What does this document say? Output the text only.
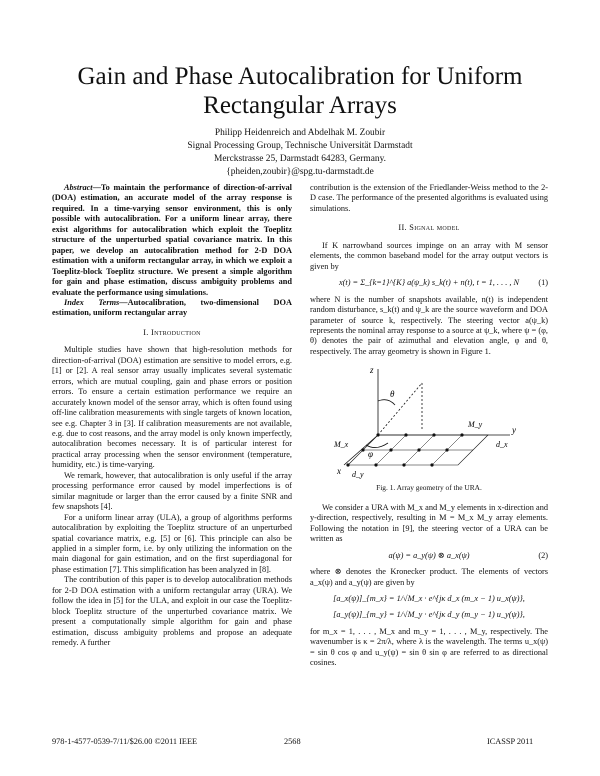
Gain and Phase Autocalibration for Uniform Rectangular Arrays
Philipp Heidenreich and Abdelhak M. Zoubir
Signal Processing Group, Technische Universität Darmstadt
Merckstrasse 25, Darmstadt 64283, Germany.
{pheiden,zoubir}@spg.tu-darmstadt.de

Abstract—To maintain the performance of direction-of-arrival (DOA) estimation, an accurate model of the array response is required. In a time-varying sensor environment, this is only possible with autocalibration. For a uniform linear array, there exist algorithms for autocalibration which exploit the Toeplitz structure of the unperturbed spatial covariance matrix. In this paper, we develop an autocalibration method for 2-D DOA estimation with a uniform rectangular array, in which we exploit a Toeplitz-block Toeplitz structure. We present a simple algorithm for gain and phase estimation, discuss ambiguity problems and evaluate the performance using simulations.

Index Terms—Autocalibration, two-dimensional DOA estimation, uniform rectangular array

I. Introduction

Multiple studies have shown that high-resolution methods for direction-of-arrival (DOA) estimation are sensitive to model errors, e.g. [1] or [2]. A real sensor array usually implicates several systematic errors, which are mutual coupling, gain and phase errors or position errors. To ensure a certain estimation performance we require an accurately known model of the sensor array, which is often found using off-line calibration measurements with single targets of known location, see e.g. Chapter 3 in [3]. If calibration measurements are not available, e.g. due to cost reasons, and the array model is only known imperfectly, autocalibration becomes necessary. It is of particular interest for practical array processing when the sensor environment (temperature, humidity, etc.) is time-varying.

We remark, however, that autocalibration is only useful if the array processing performance error caused by model imperfections is of similar magnitude or larger than the error caused by a finite SNR and few snapshots [4].

For a uniform linear array (ULA), a group of algorithms performs autocalibration by exploiting the Toeplitz structure of an unperturbed spatial covariance matrix, e.g. [5] or [6]. This principle can also be applied in a simpler form, i.e. by only utilizing the information on the main diagonal for gain estimation, and on the first superdiagonal for phase estimation [7]. This simplification has been analyzed in [8].

The contribution of this paper is to develop autocalibration methods for 2-D DOA estimation with a uniform rectangular array (URA). We follow the idea in [5] for the ULA, and exploit in our case the Toeplitz-block Toeplitz structure of the unperturbed covariance matrix. We present a computationally simple algorithm for gain and phase estimation, discuss ambiguity problems and propose an adequate remedy. A further

contribution is the extension of the Friedlander-Weiss method to the 2-D case. The performance of the presented algorithms is evaluated using simulations.

II. Signal model

If K narrowband sources impinge on an array with M sensor elements, the common baseband model for the array output vectors is given by

x(t) = Σ_{k=1}^{K} a(ψ_k) s_k(t) + n(t), t = 1, . . . , N (1)

where N is the number of snapshots available, n(t) is independent random disturbance, s_k(t) and ψ_k are the source waveform and DOA parameter of source k, respectively. The steering vector a(ψ_k) represents the nominal array response to a source at ψ_k, where ψ = (φ, θ) denotes the pair of azimuthal and elevation angle, φ and θ, respectively. The array geometry is shown in Figure 1.

z
θ
φ
x
y
M_y
M_x	d_x
d_y

Fig. 1. Array geometry of the URA.

We consider a URA with M_x and M_y elements in x-direction and y-direction, respectively, resulting in M = M_x M_y array elements. Following the notation in [9], the steering vector of a URA can be written as

a(ψ) = a_y(ψ) ⊗ a_x(ψ)	(2)

where ⊗ denotes the Kronecker product. The elements of vectors a_x(ψ) and a_y(ψ) are given by

[a_x(ψ)]_{m_x} = 1/√M_x · e^{jκ d_x (m_x − 1) u_x(ψ)},
[a_y(ψ)]_{m_y} = 1/√M_y · e^{jκ d_y (m_y − 1) u_y(ψ)},

for m_x = 1, . . . , M_x and m_y = 1, . . . , M_y, respectively. The wavenumber is κ = 2π/λ, where λ is the wavelength. The terms u_x(ψ) = sin θ cos φ and u_y(ψ) = sin θ sin φ are referred to as directional cosines.

978-1-4577-0539-7/11/$26.00 ©2011 IEEE	2568	ICASSP 2011
